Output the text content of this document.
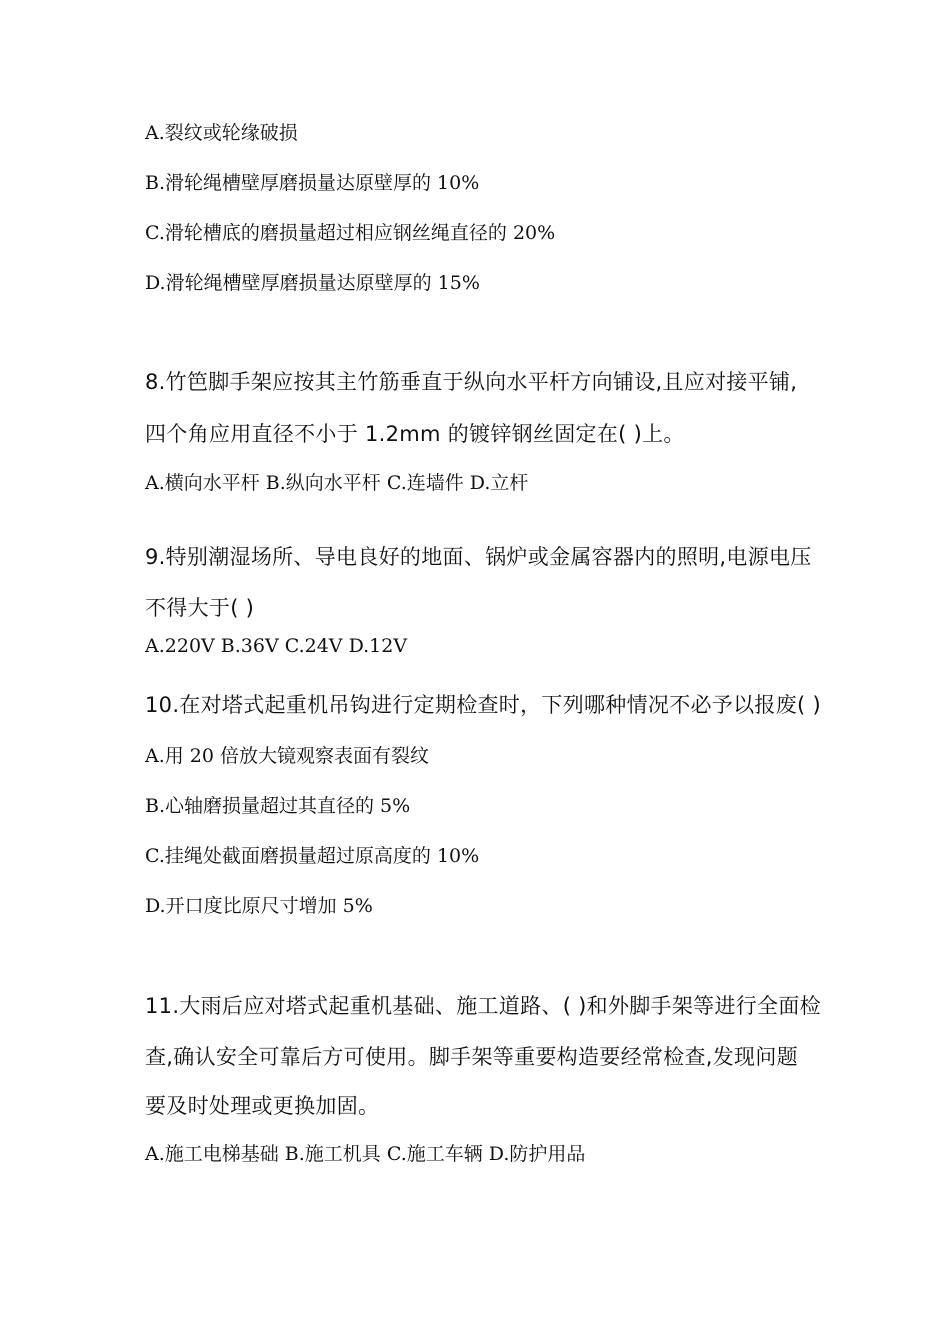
A.裂纹或轮缘破损
B.滑轮绳槽壁厚磨损量达原壁厚的 10%
C.滑轮槽底的磨损量超过相应钢丝绳直径的 20%
D.滑轮绳槽壁厚磨损量达原壁厚的 15%
8.竹笆脚手架应按其主竹筋垂直于纵向水平杆方向铺设,且应对接平铺,
四个角应用直径不小于 1.2mm 的镀锌钢丝固定在( )上。
A.横向水平杆 B.纵向水平杆 C.连墙件 D.立杆
9.特别潮湿场所、导电良好的地面、锅炉或金属容器内的照明,电源电压
不得大于( )
A.220V B.36V C.24V D.12V
10.在对塔式起重机吊钩进行定期检查时，下列哪种情况不必予以报废( )
A.用 20 倍放大镜观察表面有裂纹
B.心轴磨损量超过其直径的 5%
C.挂绳处截面磨损量超过原高度的 10%
D.开口度比原尺寸增加 5%
11.大雨后应对塔式起重机基础、施工道路、( )和外脚手架等进行全面检
查,确认安全可靠后方可使用。脚手架等重要构造要经常检查,发现问题
要及时处理或更换加固。
A.施工电梯基础 B.施工机具 C.施工车辆 D.防护用品
